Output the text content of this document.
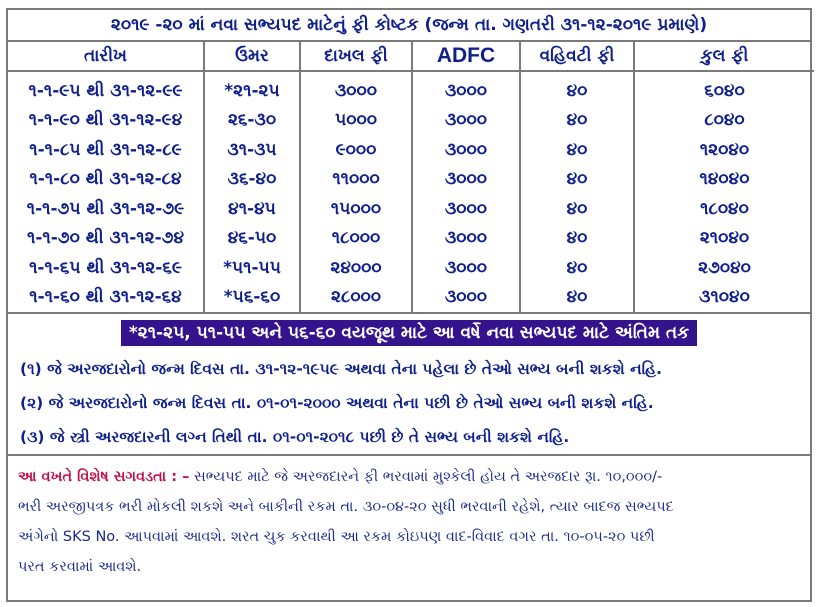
૨૦૧૯ -૨૦ માં નવા સભ્યપદ માટેનું ફી કોષ્ટક (જન્મ તા. ગણતરી ૩૧-૧૨-૨૦૧૯ પ્રમાણે)
તારીખ	ઉમર	દાખલ ફી	ADFC	વહિવટી ફી	કુલ ફી
૧-૧-૯૫ થી ૩૧-૧૨-૯૯	*૨૧-૨૫	૩૦૦૦	૩૦૦૦	૪૦	૬૦૪૦
૧-૧-૯૦ થી ૩૧-૧૨-૯૪	૨૬-૩૦	૫૦૦૦	૩૦૦૦	૪૦	૮૦૪૦
૧-૧-૮૫ થી ૩૧-૧૨-૮૯	૩૧-૩૫	૯૦૦૦	૩૦૦૦	૪૦	૧૨૦૪૦
૧-૧-૮૦ થી ૩૧-૧૨-૮૪	૩૬-૪૦	૧૧૦૦૦	૩૦૦૦	૪૦	૧૪૦૪૦
૧-૧-૭૫ થી ૩૧-૧૨-૭૯	૪૧-૪૫	૧૫૦૦૦	૩૦૦૦	૪૦	૧૮૦૪૦
૧-૧-૭૦ થી ૩૧-૧૨-૭૪	૪૬-૫૦	૧૮૦૦૦	૩૦૦૦	૪૦	૨૧૦૪૦
૧-૧-૬૫ થી ૩૧-૧૨-૬૯	*૫૧-૫૫	૨૪૦૦૦	૩૦૦૦	૪૦	૨૭૦૪૦
૧-૧-૬૦ થી ૩૧-૧૨-૬૪	*૫૬-૬૦	૨૮૦૦૦	૩૦૦૦	૪૦	૩૧૦૪૦
*૨૧-૨૫, ૫૧-૫૫ અને ૫૬-૬૦ વયજૂથ માટે આ વર્ષે નવા સભ્યપદ માટે અંતિમ તક
(૧) જે અરજદારોનો જન્મ દિવસ તા. ૩૧-૧૨-૧૯૫૯ અથવા તેના પહેલા છે તેઓ સભ્ય બની શકશે નહિ.
(૨) જે અરજદારોનો જન્મ દિવસ તા. ૦૧-૦૧-૨૦૦૦ અથવા તેના પછી છે તેઓ સભ્ય બની શકશે નહિ.
(૩) જે સ્ત્રી અરજદારની લગ્ન તિથી તા. ૦૧-૦૧-૨૦૧૮ પછી છે તે સભ્ય બની શકશે નહિ.

આ વખતે વિશેષ સગવડતા : – સભ્યપદ માટે જે અરજદારને ફી ભરવામાં મુશ્કેલી હોય તે અરજદાર રૂા. ૧૦,૦૦૦/-

ભરી અરજીપત્રક ભરી મોકલી શકશે અને બાકીની રકમ તા. ૩૦-૦૪-૨૦ સુધી ભરવાની રહેશે, ત્યાર બાદજ સભ્યપદ

અંગેનો SKS No. આપવામાં આવશે. શરત ચુક કરવાથી આ રકમ કોઇપણ વાદ-વિવાદ વગર તા. ૧૦-૦૫-૨૦ પછી

પરત કરવામાં આવશે.
